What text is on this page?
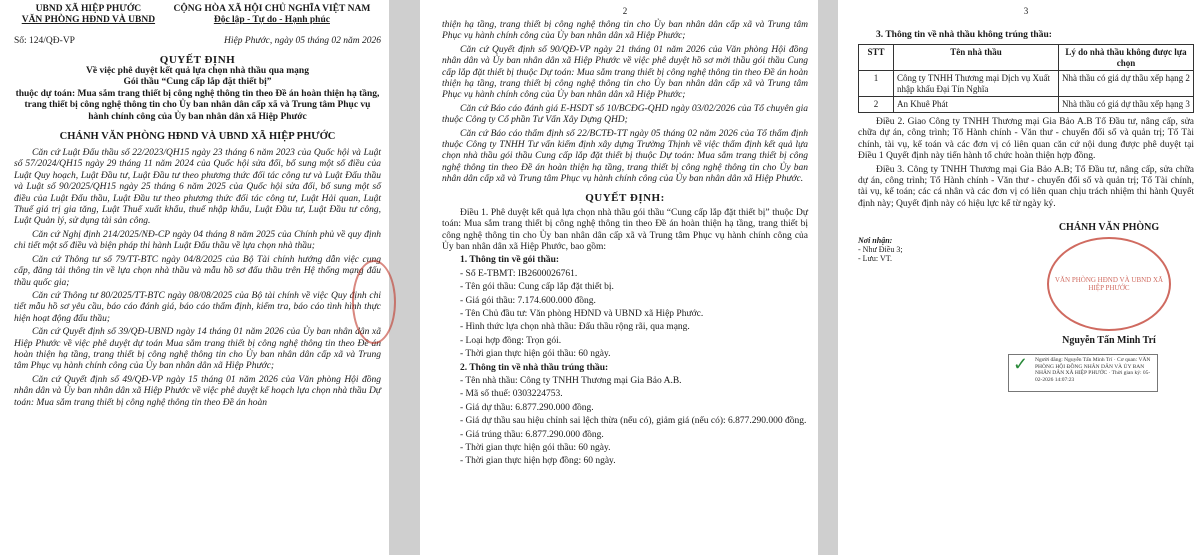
UBND XÃ HIỆP PHƯỚC
VĂN PHÒNG HĐND VÀ UBND
CỘNG HÒA XÃ HỘI CHỦ NGHĨA VIỆT NAM
Độc lập - Tự do - Hạnh phúc
Số: 124/QĐ-VP	Hiệp Phước, ngày 05 tháng 02 năm 2026
QUYẾT ĐỊNH
Về việc phê duyệt kết quả lựa chọn nhà thầu qua mạng
Gói thầu “Cung cấp lắp đặt thiết bị”
thuộc dự toán: Mua sắm trang thiết bị công nghệ thông tin theo Đề án hoàn thiện hạ tầng, trang thiết bị công nghệ thông tin cho Ủy ban nhân dân cấp xã và Trung tâm Phục vụ hành chính công của Ủy ban nhân dân xã Hiệp Phước
CHÁNH VĂN PHÒNG HĐND VÀ UBND XÃ HIỆP PHƯỚC

Căn cứ Luật Đấu thầu số 22/2023/QH15 ngày 23 tháng 6 năm 2023 của Quốc hội và Luật số 57/2024/QH15 ngày 29 tháng 11 năm 2024 của Quốc hội sửa đổi, bổ sung một số điều của Luật Quy hoạch, Luật Đầu tư, Luật Đầu tư theo phương thức đối tác công tư và Luật Đấu thầu và Luật số 90/2025/QH15 ngày 25 tháng 6 năm 2025 của Quốc hội sửa đổi, bổ sung một số điều của Luật Đấu thầu, Luật Đầu tư theo phương thức đối tác công tư, Luật Hải quan, Luật Thuế giá trị gia tăng, Luật Thuế xuất khẩu, thuế nhập khẩu, Luật Đầu tư, Luật Đầu tư công, Luật Quản lý, sử dụng tài sản công.

Căn cứ Nghị định 214/2025/NĐ-CP ngày 04 tháng 8 năm 2025 của Chính phủ về quy định chi tiết một số điều và biện pháp thi hành Luật Đấu thầu về lựa chọn nhà thầu;

Căn cứ Thông tư số 79/TT-BTC ngày 04/8/2025 của Bộ Tài chính hướng dẫn việc cung cấp, đăng tải thông tin về lựa chọn nhà thầu và mẫu hồ sơ đấu thầu trên Hệ thống mạng đấu thầu quốc gia;

Căn cứ Thông tư 80/2025/TT-BTC ngày 08/08/2025 của Bộ tài chính về việc Quy định chi tiết mẫu hồ sơ yêu cầu, báo cáo đánh giá, báo cáo thẩm định, kiểm tra, báo cáo tình hình thực hiện hoạt động đấu thầu;

Căn cứ Quyết định số 39/QĐ-UBND ngày 14 tháng 01 năm 2026 của Ủy ban nhân dân xã Hiệp Phước về việc phê duyệt dự toán Mua sắm trang thiết bị công nghệ thông tin theo Đề án hoàn thiện hạ tầng, trang thiết bị công nghệ thông tin cho Ủy ban nhân dân cấp xã và Trung tâm Phục vụ hành chính công của Ủy ban nhân dân xã Hiệp Phước;

Căn cứ Quyết định số 49/QĐ-VP ngày 15 tháng 01 năm 2026 của Văn phòng Hội đồng nhân dân và Ủy ban nhân dân xã Hiệp Phước về việc phê duyệt kế hoạch lựa chọn nhà thầu Dự toán: Mua sắm trang thiết bị công nghệ thông tin theo Đề án hoàn

2

thiện hạ tầng, trang thiết bị công nghệ thông tin cho Ủy ban nhân dân cấp xã và Trung tâm Phục vụ hành chính công của Ủy ban nhân dân xã Hiệp Phước;

Căn cứ Quyết định số 90/QĐ-VP ngày 21 tháng 01 năm 2026 của Văn phòng Hội đồng nhân dân và Ủy ban nhân dân xã Hiệp Phước về việc phê duyệt hồ sơ mời thầu gói thầu Cung cấp lắp đặt thiết bị thuộc Dự toán: Mua sắm trang thiết bị công nghệ thông tin theo Đề án hoàn thiện hạ tầng, trang thiết bị công nghệ thông tin cho Ủy ban nhân dân cấp xã và Trung tâm Phục vụ hành chính công của Ủy ban nhân dân xã Hiệp Phước;

Căn cứ Báo cáo đánh giá E-HSDT số 10/BCĐG-QHD ngày 03/02/2026 của Tổ chuyên gia thuộc Công ty Cổ phần Tư Vấn Xây Dựng QHD;

Căn cứ Báo cáo thẩm định số 22/BCTĐ-TT ngày 05 tháng 02 năm 2026 của Tổ thẩm định thuộc Công ty TNHH Tư vấn kiểm định xây dựng Trường Thịnh về việc thẩm định kết quả lựa chọn nhà thầu gói thầu Cung cấp lắp đặt thiết bị thuộc Dự toán: Mua sắm trang thiết bị công nghệ thông tin theo Đề án hoàn thiện hạ tầng, trang thiết bị công nghệ thông tin cho Ủy ban nhân dân cấp xã và Trung tâm Phục vụ hành chính công của Ủy ban nhân dân xã Hiệp Phước.

QUYẾT ĐỊNH:

Điều 1. Phê duyệt kết quả lựa chọn nhà thầu gói thầu “Cung cấp lắp đặt thiết bị” thuộc Dự toán: Mua sắm trang thiết bị công nghệ thông tin theo Đề án hoàn thiện hạ tầng, trang thiết bị công nghệ thông tin cho Ủy ban nhân dân cấp xã và Trung tâm Phục vụ hành chính công của Ủy ban nhân dân xã Hiệp Phước, bao gồm:

1. Thông tin về gói thầu:

- Số E-TBMT: IB2600026761.

- Tên gói thầu: Cung cấp lắp đặt thiết bị.

- Giá gói thầu: 7.174.600.000 đồng.

- Tên Chủ đầu tư: Văn phòng HĐND và UBND xã Hiệp Phước.

- Hình thức lựa chọn nhà thầu: Đấu thầu rộng rãi, qua mạng.

- Loại hợp đồng: Trọn gói.

- Thời gian thực hiện gói thầu: 60 ngày.

2. Thông tin về nhà thầu trúng thầu:

- Tên nhà thầu: Công ty TNHH Thương mại Gia Bảo A.B.

- Mã số thuế: 0303224753.

- Giá dự thầu: 6.877.290.000 đồng.

- Giá dự thầu sau hiệu chỉnh sai lệch thừa (nếu có), giảm giá (nếu có): 6.877.290.000 đồng.

- Giá trúng thầu: 6.877.290.000 đồng.

- Thời gian thực hiện gói thầu: 60 ngày.

- Thời gian thực hiện hợp đồng: 60 ngày.

3

3. Thông tin về nhà thầu không trúng thầu:

STT	Tên nhà thầu	Lý do nhà thầu không được lựa chọn
1	Công ty TNHH Thương mại Dịch vụ Xuất nhập khẩu Đại Tín Nghĩa	Nhà thầu có giá dự thầu xếp hạng 2
2	An Khuê Phát	Nhà thầu có giá dự thầu xếp hạng 3

Điều 2. Giao Công ty TNHH Thương mại Gia Bảo A.B Tổ Đầu tư, nâng cấp, sửa chữa dự án, công trình; Tổ Hành chính - Văn thư - chuyển đổi số và quản trị; Tổ Tài chính, tài vụ, kế toán và các đơn vị có liên quan căn cứ nội dung được phê duyệt tại Điều 1 Quyết định này tiến hành tổ chức hoàn thiện hợp đồng.

Điều 3. Công ty TNHH Thương mại Gia Bảo A.B; Tổ Đầu tư, nâng cấp, sửa chữa dự án, công trình; Tổ Hành chính - Văn thư - chuyển đổi số và quản trị; Tổ Tài chính, tài vụ, kế toán; các cá nhân và các đơn vị có liên quan chịu trách nhiệm thi hành Quyết định này; Quyết định này có hiệu lực kể từ ngày ký.

Nơi nhận:
- Như Điều 3;
- Lưu: VT.
CHÁNH VĂN PHÒNG
VĂN PHÒNG HĐND VÀ UBND XÃ HIỆP PHƯỚC
Nguyễn Tấn Minh Trí
✓	Người đăng: Nguyễn Tấn Minh Trí · Cơ quan: VĂN PHÒNG HỘI ĐỒNG NHÂN DÂN VÀ ỦY BAN NHÂN DÂN XÃ HIỆP PHƯỚC · Thời gian ký: 05-02-2026 14:07:23
